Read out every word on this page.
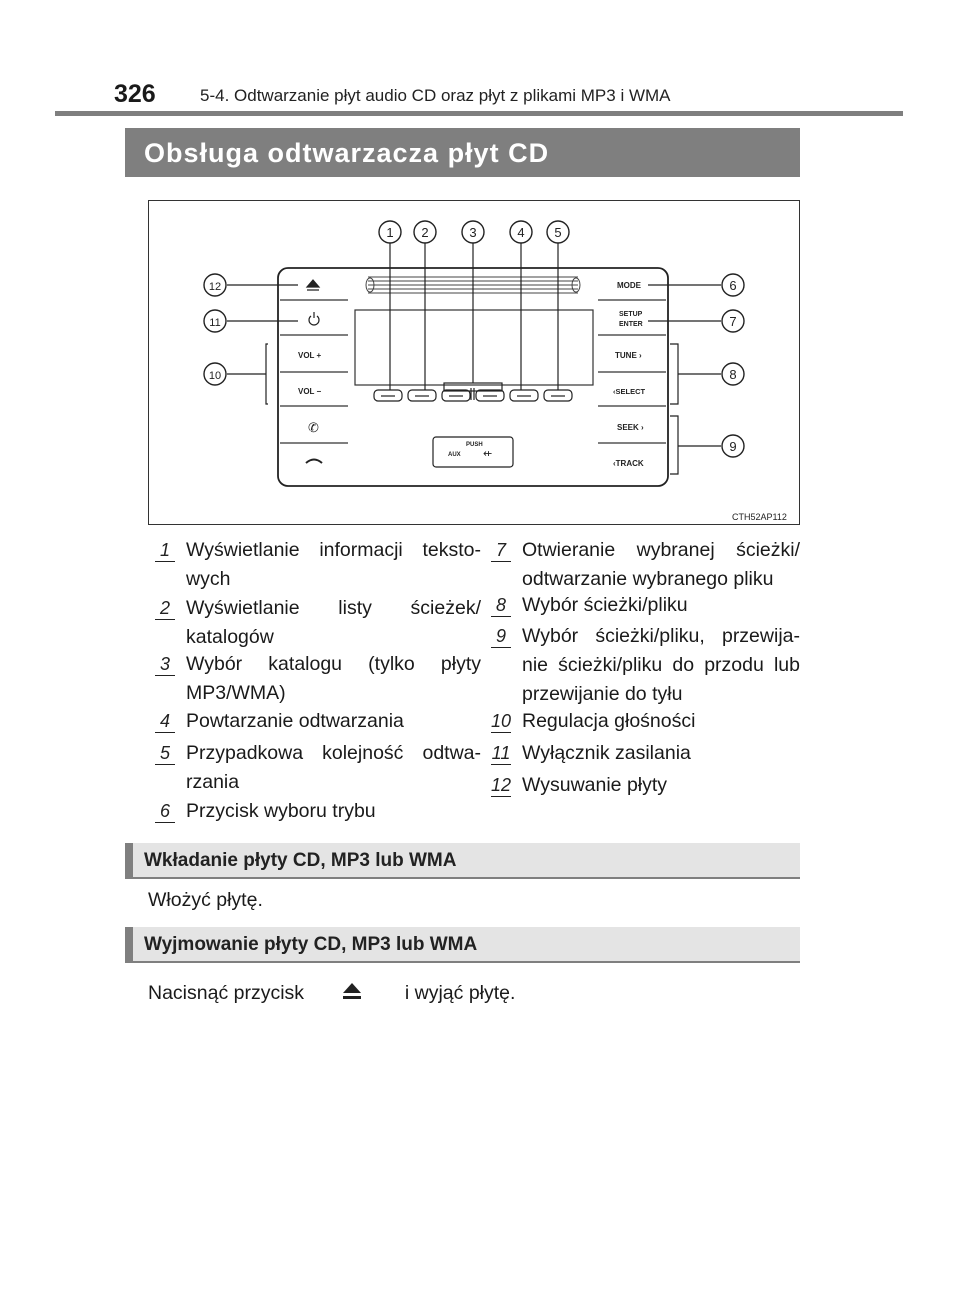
326	5-4. Odtwarzanie płyt audio CD oraz płyt z plikami MP3 i WMA
Obsługa odtwarzacza płyt CD
PUSH
AUX ⇷
VOL +
VOL −
✆
MODE
SETUP
ENTER
TUNE ›
‹SELECT
SEEK ›
‹TRACK
1 2	3	4 5
6
7
8
9
10
11
12
CTH52AP112
1 Wyświetlanie informacji teksto-wych
2 Wyświetlanie listy ścieżek/ katalogów
3 Wybór katalogu (tylko płyty MP3/WMA)
4 Powtarzanie odtwarzania
5 Przypadkowa kolejność odtwa-rzania
6 Przycisk wyboru trybu
7 Otwieranie wybranej ścieżki/ odtwarzanie wybranego pliku
8 Wybór ścieżki/pliku
9 Wybór ścieżki/pliku, przewija-nie ścieżki/pliku do przodu lub przewijanie do tyłu
10 Regulacja głośności
11 Wyłącznik zasilania
12 Wysuwanie płyty
Wkładanie płyty CD, MP3 lub WMA
Włożyć płytę.
Wyjmowanie płyty CD, MP3 lub WMA
Nacisnąć przycisk	i wyjąć płytę.
